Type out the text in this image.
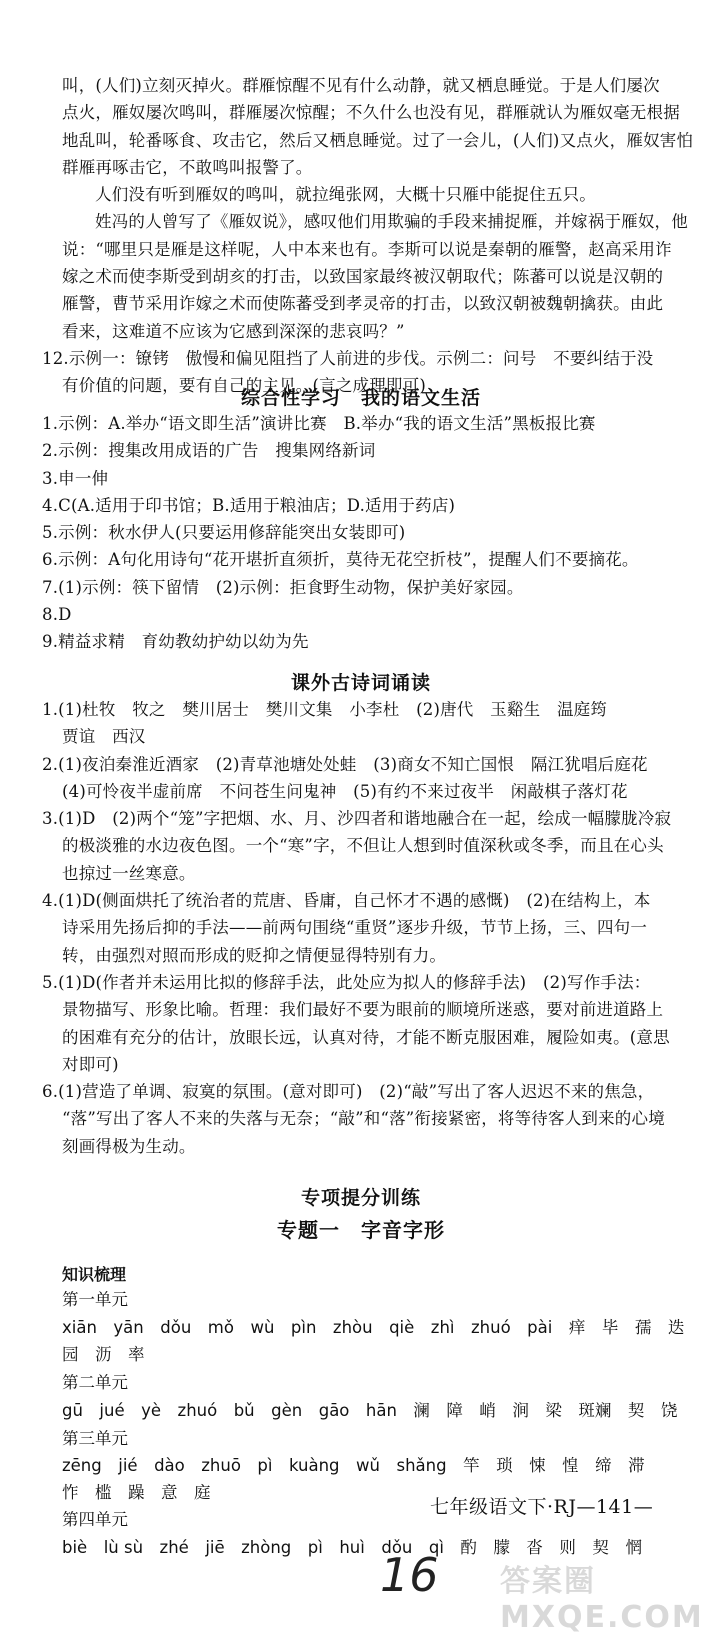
叫，(人们)立刻灭掉火。群雁惊醒不见有什么动静，就又栖息睡觉。于是人们屡次
点火，雁奴屡次鸣叫，群雁屡次惊醒；不久什么也没有见，群雁就认为雁奴毫无根据
地乱叫，轮番啄食、攻击它，然后又栖息睡觉。过了一会儿，(人们)又点火，雁奴害怕
群雁再啄击它，不敢鸣叫报警了。
人们没有听到雁奴的鸣叫，就拉绳张网，大概十只雁中能捉住五只。
姓冯的人曾写了《雁奴说》，感叹他们用欺骗的手段来捕捉雁，并嫁祸于雁奴，他
说：“哪里只是雁是这样呢，人中本来也有。李斯可以说是秦朝的雁警，赵高采用诈
嫁之术而使李斯受到胡亥的打击，以致国家最终被汉朝取代；陈蕃可以说是汉朝的
雁警，曹节采用诈嫁之术而使陈蕃受到孝灵帝的打击，以致汉朝被魏朝擒获。由此
看来，这难道不应该为它感到深深的悲哀吗？”
12.示例一：镣铐　傲慢和偏见阻挡了人前进的步伐。示例二：问号　不要纠结于没
有价值的问题，要有自己的主见。(言之成理即可)
综合性学习　我的语文生活
1.示例：A.举办“语文即生活”演讲比赛　B.举办“我的语文生活”黑板报比赛
2.示例：搜集改用成语的广告　搜集网络新词
3.申一伸
4.C(A.适用于印书馆；B.适用于粮油店；D.适用于药店)
5.示例：秋水伊人(只要运用修辞能突出女装即可)
6.示例：A句化用诗句“花开堪折直须折，莫待无花空折枝”，提醒人们不要摘花。
7.(1)示例：筷下留情　(2)示例：拒食野生动物，保护美好家园。
8.D
9.精益求精　育幼教幼护幼以幼为先
课外古诗词诵读
1.(1)杜牧　牧之　樊川居士　樊川文集　小李杜　(2)唐代　玉谿生　温庭筠
贾谊　西汉
2.(1)夜泊秦淮近酒家　(2)青草池塘处处蛙　(3)商女不知亡国恨　隔江犹唱后庭花
(4)可怜夜半虚前席　不问苍生问鬼神　(5)有约不来过夜半　闲敲棋子落灯花
3.(1)D　(2)两个“笼”字把烟、水、月、沙四者和谐地融合在一起，绘成一幅朦胧冷寂
的极淡雅的水边夜色图。一个“寒”字，不但让人想到时值深秋或冬季，而且在心头
也掠过一丝寒意。
4.(1)D(侧面烘托了统治者的荒唐、昏庸，自己怀才不遇的感慨)　(2)在结构上，本
诗采用先扬后抑的手法——前两句围绕“重贤”逐步升级，节节上扬，三、四句一
转，由强烈对照而形成的贬抑之情便显得特别有力。
5.(1)D(作者并未运用比拟的修辞手法，此处应为拟人的修辞手法)　(2)写作手法：
景物描写、形象比喻。哲理：我们最好不要为眼前的顺境所迷惑，要对前进道路上
的困难有充分的估计，放眼长远，认真对待，才能不断克服困难，履险如夷。(意思
对即可)
6.(1)营造了单调、寂寞的氛围。(意对即可)　(2)“敲”写出了客人迟迟不来的焦急，
“落”写出了客人不来的失落与无奈；“敲”和“落”衔接紧密，将等待客人到来的心境
刻画得极为生动。
专项提分训练
专题一　字音字形
知识梳理
第一单元
xiān　yān　dǒu　mǒ　wù　pìn　zhòu　qiè　zhì　zhuó　pài　痒　毕　孺　迭
园　沥　率
第二单元
gū　jué　yè　zhuó　bǔ　gèn　gāo　hān　澜　障　峭　涧　梁　斑斓　契　饶
第三单元
zēng　jié　dào　zhuō　pì　kuàng　wǔ　shǎng　竿　琐　悚　惶　缔　滞
怍　槛　躁　意　庭
第四单元
biè　lù sù　zhé　jiē　zhòng　pì　huì　dǒu　qì　酌　朦　沓　则　契　惘
七年级语文下·RJ—141—
16 答案圈 MXQE.COM
